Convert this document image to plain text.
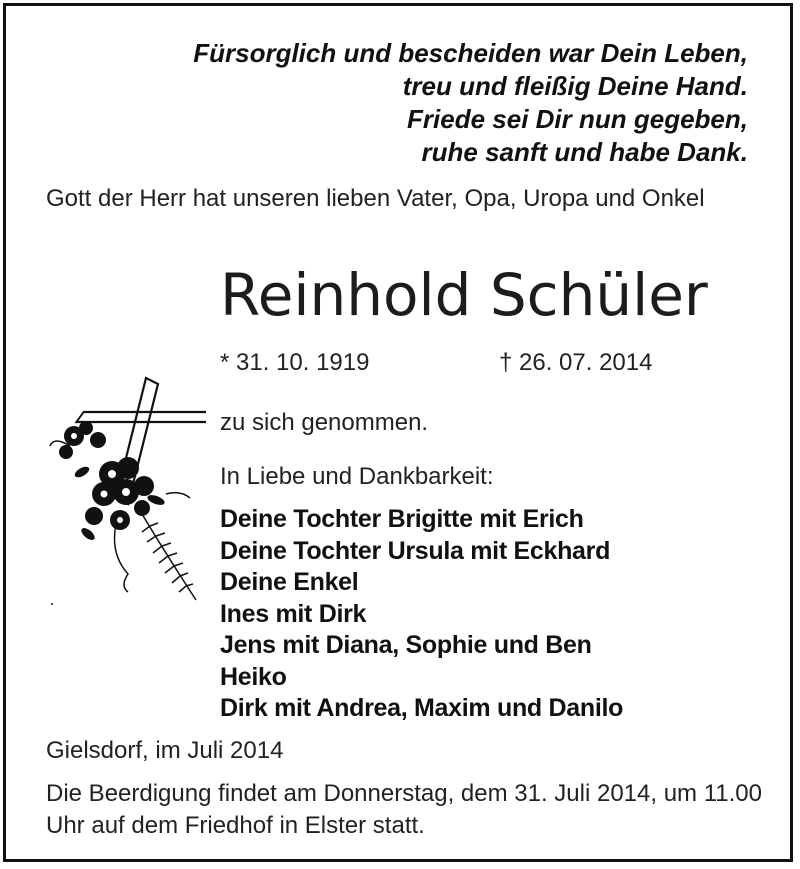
Fürsorglich und bescheiden war Dein Leben,
treu und fleißig Deine Hand.
Friede sei Dir nun gegeben,
ruhe sanft und habe Dank.
Gott der Herr hat unseren lieben Vater, Opa, Uropa und Onkel
Reinhold Schüler
* 31. 10. 1919	† 26. 07. 2014
zu sich genommen.
In Liebe und Dankbarkeit:
Deine Tochter Brigitte mit Erich
Deine Tochter Ursula mit Eckhard
Deine Enkel
Ines mit Dirk
Jens mit Diana, Sophie und Ben
Heiko
Dirk mit Andrea, Maxim und Danilo
Gielsdorf, im Juli 2014
Die Beerdigung findet am Donnerstag, dem 31. Juli 2014, um 11.00 Uhr auf dem Friedhof in Elster statt.
